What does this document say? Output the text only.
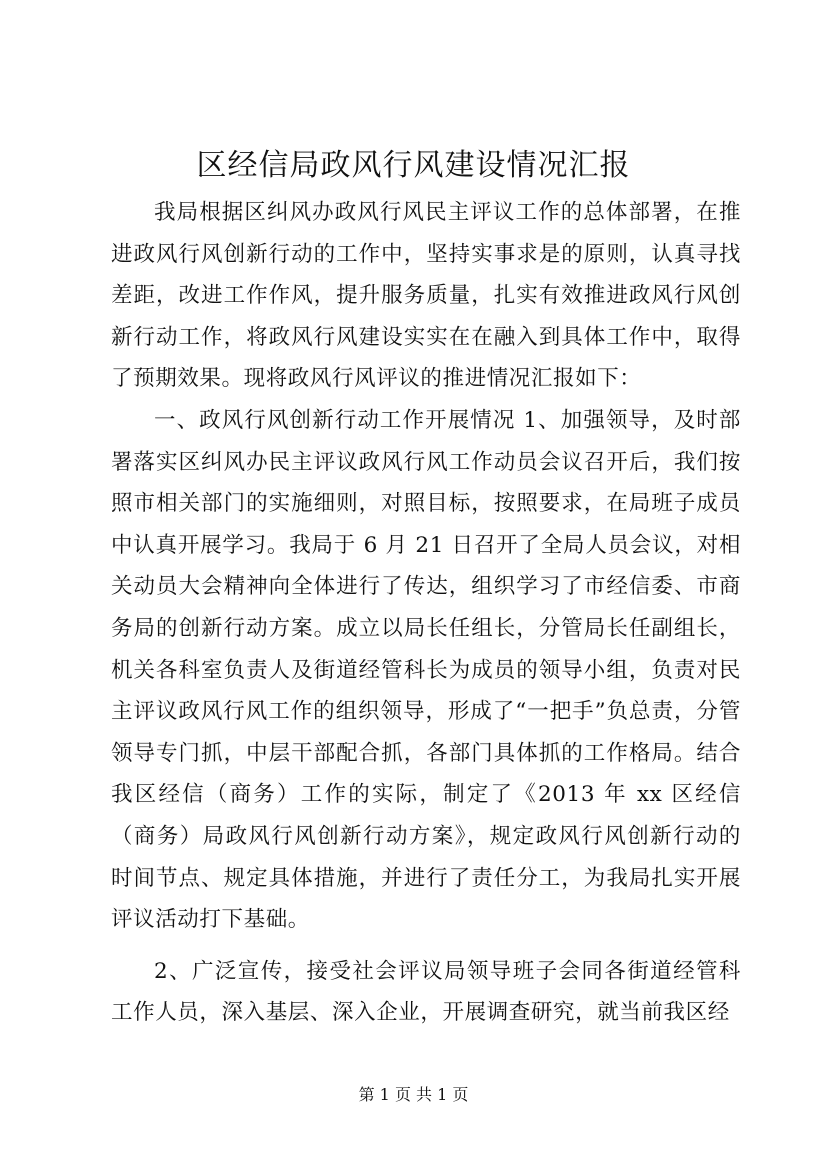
区经信局政风行风建设情况汇报

我局根据区纠风办政风行风民主评议工作的总体部署，在推进政风行风创新行动的工作中，坚持实事求是的原则，认真寻找差距，改进工作作风，提升服务质量，扎实有效推进政风行风创新行动工作，将政风行风建设实实在在融入到具体工作中，取得了预期效果。现将政风行风评议的推进情况汇报如下：

一、政风行风创新行动工作开展情况 1、加强领导，及时部署落实区纠风办民主评议政风行风工作动员会议召开后，我们按照市相关部门的实施细则，对照目标，按照要求，在局班子成员中认真开展学习。我局于 6 月 21 日召开了全局人员会议，对相关动员大会精神向全体进行了传达，组织学习了市经信委、市商务局的创新行动方案。成立以局长任组长，分管局长任副组长，机关各科室负责人及街道经管科长为成员的领导小组，负责对民主评议政风行风工作的组织领导，形成了“一把手”负总责，分管领导专门抓，中层干部配合抓，各部门具体抓的工作格局。结合我区经信（商务）工作的实际，制定了《2013 年 xx 区经信（商务）局政风行风创新行动方案》，规定政风行风创新行动的时间节点、规定具体措施，并进行了责任分工，为我局扎实开展评议活动打下基础。

2、广泛宣传，接受社会评议局领导班子会同各街道经管科工作人员，深入基层、深入企业，开展调查研究，就当前我区经

第 1 页 共 1 页
